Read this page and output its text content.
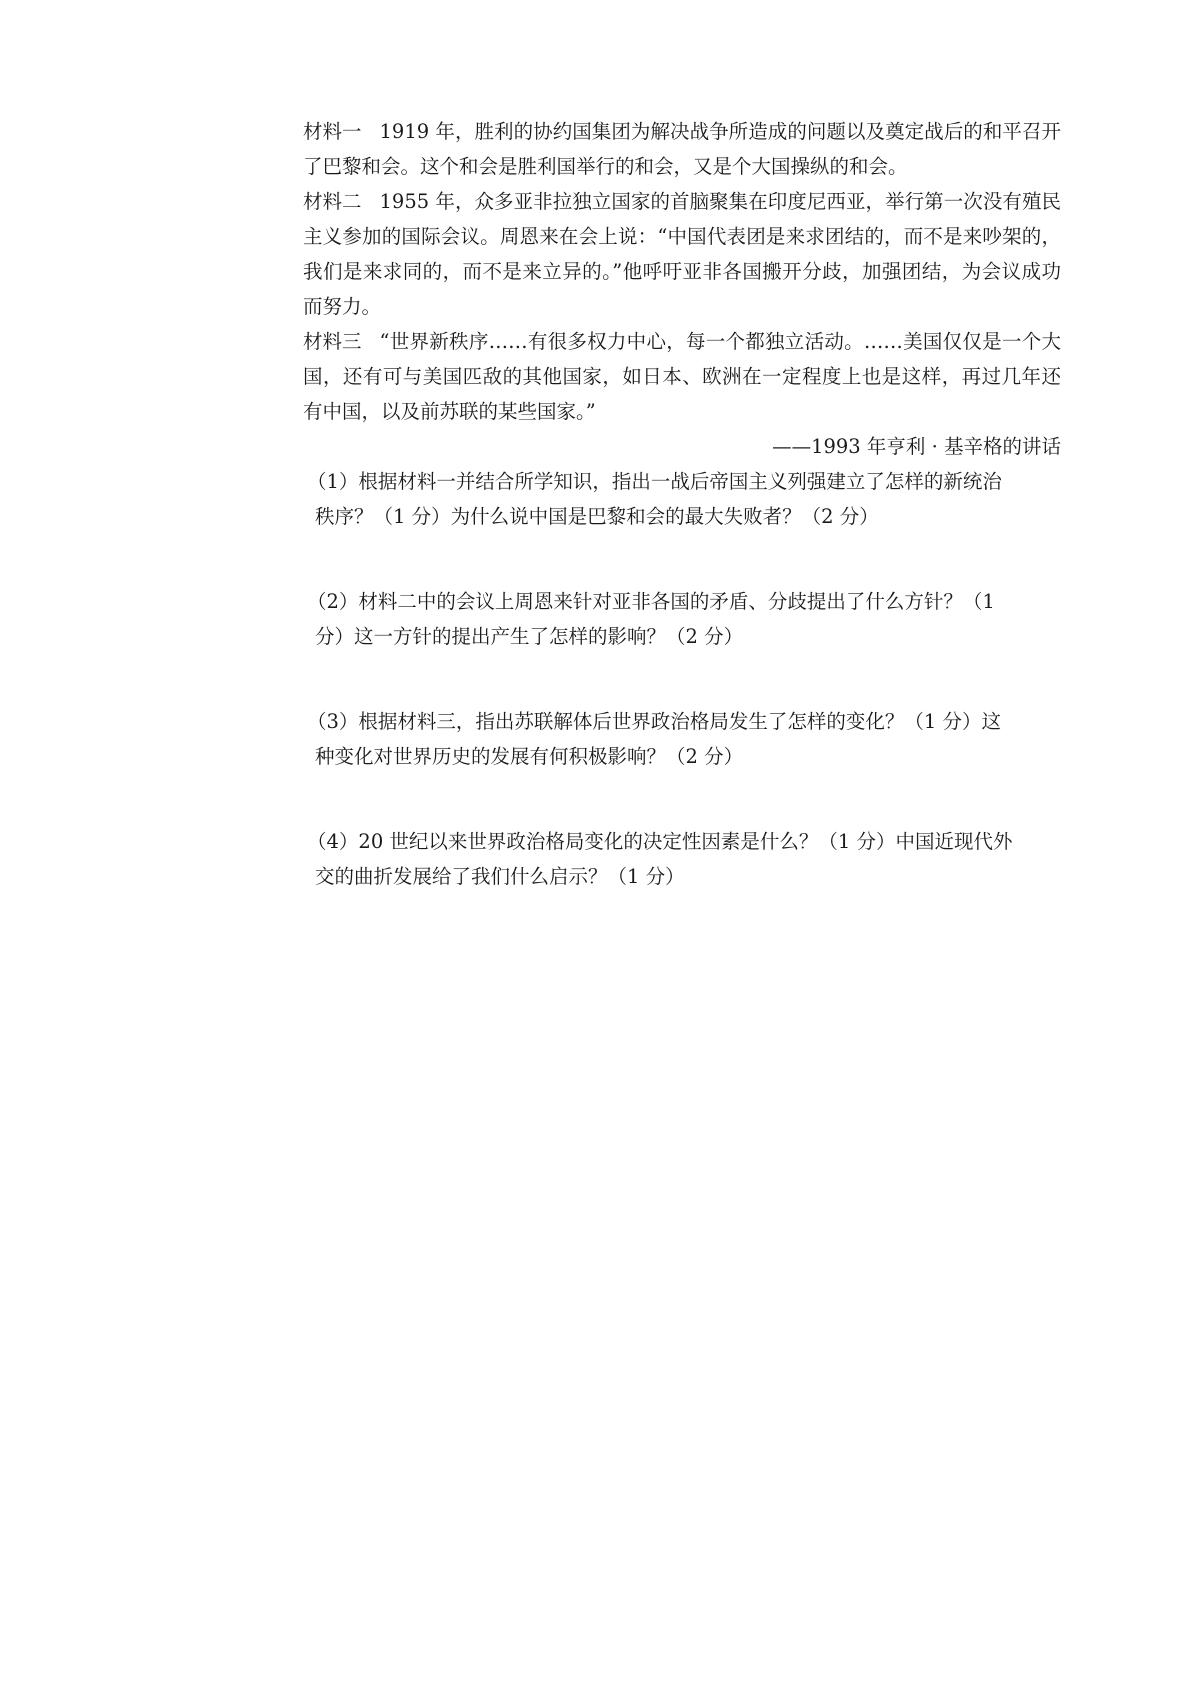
材料一 1919 年，胜利的协约国集团为解决战争所造成的问题以及奠定战后的和平召开了巴黎和会。这个和会是胜利国举行的和会，又是个大国操纵的和会。

材料二 1955 年，众多亚非拉独立国家的首脑聚集在印度尼西亚，举行第一次没有殖民主义参加的国际会议。周恩来在会上说：“中国代表团是来求团结的，而不是来吵架的，我们是来求同的，而不是来立异的。”他呼吁亚非各国搬开分歧，加强团结，为会议成功而努力。

材料三 “世界新秩序……有很多权力中心，每一个都独立活动。……美国仅仅是一个大国，还有可与美国匹敌的其他国家，如日本、欧洲在一定程度上也是这样，再过几年还有中国，以及前苏联的某些国家。”

——1993 年亨利 · 基辛格的讲话

（1）根据材料一并结合所学知识，指出一战后帝国主义列强建立了怎样的新统治
秩序？（1 分）为什么说中国是巴黎和会的最大失败者？（2 分）

（2）材料二中的会议上周恩来针对亚非各国的矛盾、分歧提出了什么方针？（1
分）这一方针的提出产生了怎样的影响？（2 分）

（3）根据材料三，指出苏联解体后世界政治格局发生了怎样的变化？（1 分）这
种变化对世界历史的发展有何积极影响？（2 分）

（4）20 世纪以来世界政治格局变化的决定性因素是什么？（1 分）中国近现代外
交的曲折发展给了我们什么启示？（1 分）
